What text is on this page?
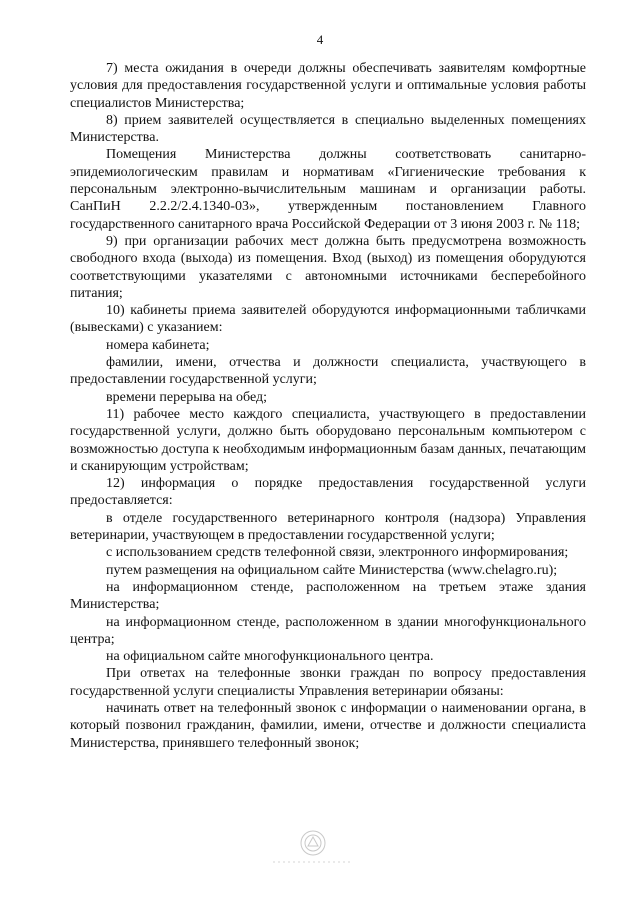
4

7) места ожидания в очереди должны обеспечивать заявителям комфортные условия для предоставления государственной услуги и оптимальные условия работы специалистов Министерства;

8) прием заявителей осуществляется в специально выделенных помещениях Министерства.

Помещения Министерства должны соответствовать санитарно-эпидемиологическим правилам и нормативам «Гигиенические требования к персональным электронно-вычислительным машинам и организации работы. СанПиН 2.2.2/2.4.1340-03», утвержденным постановлением Главного государственного санитарного врача Российской Федерации от 3 июня 2003 г. № 118;

9) при организации рабочих мест должна быть предусмотрена возможность свободного входа (выхода) из помещения. Вход (выход) из помещения оборудуются соответствующими указателями с автономными источниками бесперебойного питания;

10) кабинеты приема заявителей оборудуются информационными табличками (вывесками) с указанием:

номера кабинета;

фамилии, имени, отчества и должности специалиста, участвующего в предоставлении государственной услуги;

времени перерыва на обед;

11) рабочее место каждого специалиста, участвующего в предоставлении государственной услуги, должно быть оборудовано персональным компьютером с возможностью доступа к необходимым информационным базам данных, печатающим и сканирующим устройствам;

12) информация о порядке предоставления государственной услуги предоставляется:

в отделе государственного ветеринарного контроля (надзора) Управления ветеринарии, участвующем в предоставлении государственной услуги;

с использованием средств телефонной связи, электронного информирования;

путем размещения на официальном сайте Министерства (www.chelagro.ru);

на информационном стенде, расположенном на третьем этаже здания Министерства;

на информационном стенде, расположенном в здании многофункционального центра;

на официальном сайте многофункционального центра.

При ответах на телефонные звонки граждан по вопросу предоставления государственной услуги специалисты Управления ветеринарии обязаны:

начинать ответ на телефонный звонок с информации о наименовании органа, в который позвонил гражданин, фамилии, имени, отчестве и должности специалиста Министерства, принявшего телефонный звонок;
